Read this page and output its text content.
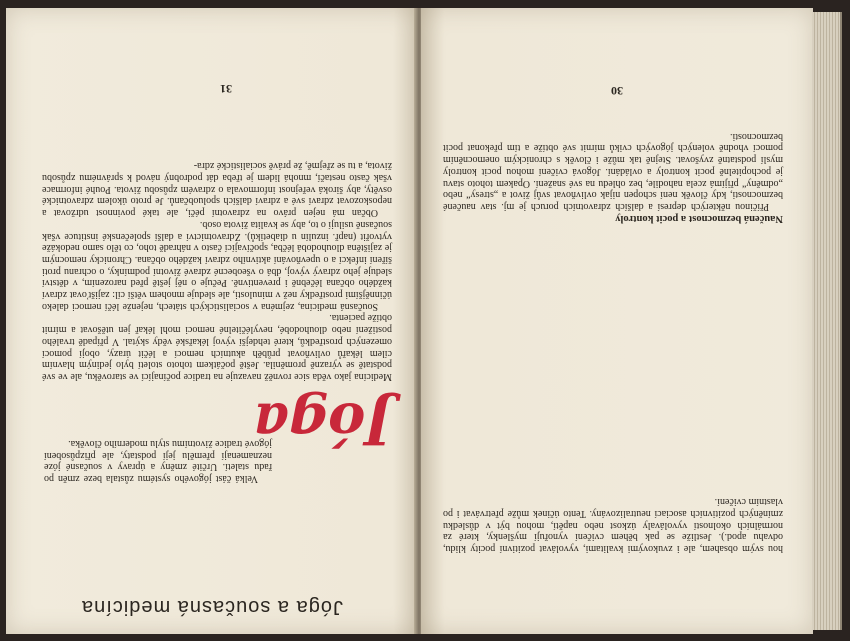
Jóga a současná medicína
Jóga

Velká část jógového systému zůstala beze změn po řadu staletí. Určité změny a úpravy v současné józe neznamenají přemělu její podstaty, ale přizpůsobení jógové tradice životnímu stylu moderního člověka.

Medicína jako věda sice rovněž navazuje na tradice počínající ve starověku, ale ve své podstatě se výrazně proměnila. Ještě počátkem tohoto století bylo jediným hlavním cílem lékařů ovlivňovat průběh akutních nemocí a léčit úrazy, obojí pomocí omezených prostředků, které tehdejší vývoj lékařské vědy skýtal. V případě trvalého postižení nebo dlouhodobé, nevyléčitelné nemoci mohl lékař jen utěšovat a mírnit obtíže pacienta.

Současná medicína, zejména v socialistických státech, nejenže léčí nemoci daleko účinnějšími prostředky než v minulosti, ale sleduje mnohem větší cíl: zajišťovat zdraví každého občana léčebně i preventivně. Pečuje o něj ještě před narozením, v dětství sleduje jeho zdravý vývoj, dbá o všeobecné zdravé životní podmínky, o ochranu proti šíření infekcí a o upevňování aktivního zdraví každého občana. Chronicky nemocným je zajištěna dlouhodobá léčba, spočívající často v náhradě toho, co tělo samo nedokáže vytvořit (např. inzulín u diabetiků). Zdravotnictví a další společenské instituce však současně usilují o to, aby se kvalita života osob.

Občan má nejen právo na zdravotní péči, ale také povinnost udržovat a neposkozovat zdraví své a zdraví dalších spoluobčanů. Je proto úkolem zdravotnické osvěty, aby široká veřejnost informovala o zdravém způsobu života. Pouhé informace však často nestačí, mnohá lidem je třeba dát podrobný návod k správnému způsobu života, a tu se zřejmě, že právě socialistické zdra-

31

hou svým obsahem, ale i zvukovými kvalitami, vyvolávat pozitivní pocity klidu, odvahu apod.). Jestliže se pak během cvičení vynořují myšlenky, které za normálních okolností vyvolávaly úzkost nebo napětí, mohou být v důsledku zmíněných pozitivních asociací neutralizovány. Tento účinek může přetrvávat i po vlastním cvičení.

Naučená bezmocnost a pocit kontroly

Příčinou některých depresí a dalších zdravotních poruch je mj. stav naučené bezmocnosti, kdy člověk není schopen nijak ovlivňovat svůj život a „stresy“ nebo „odměny“ přijímá zcela nahodile, bez ohledu na své snažení. Opakem tohoto stavu je pochopitelně pocit kontroly a ovládání. Jógová cvičení mohou pocit kontroly myslí podstatně zvyšovat. Stejně tak může i člověk s chronickým onemocněním pomocí vhodně volených jógových cviků mírnit své obtíže a tím překonat pocit bezmocnosti.

30
